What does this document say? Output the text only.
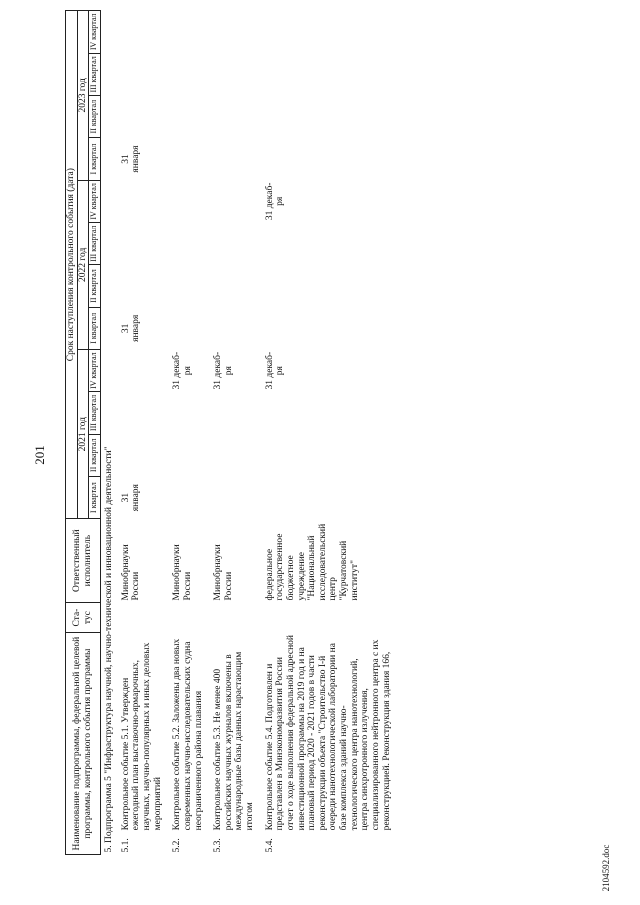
201
2104592.doc
Наименование подпрограммы, федеральной целевой программы, контрольного события программы		Ста-тус	Ответственный исполнитель	Срок наступления контрольного события (дата)											
				2021 год				2022 год				2023 год			
				I квартал	II квартал	III квартал	IV квартал	I квартал	II квартал	III квартал	IV квартал	I квартал	II квартал	III квартал	IV квартал
5. Подпрограмма 5 "Инфраструктура научной, научно-технической и инновационной деятельности"															
5.1.	Контрольное событие 5.1. Утвержден ежегодный план выставочно-ярмарочных, научных, научно-популярных и иных деловых мероприятий		Минобрнауки России	31 января				31 января				31 января			
5.2.	Контрольное событие 5.2. Заложены два новых современных научно-исследовательских судна неограниченного района плавания		Минобрнауки России				31 декаб-ря								
5.3.	Контрольное событие 5.3. Не менее 400 российских научных журналов включены в международные базы данных нарастающим итогом		Минобрнауки России				31 декаб-ря								
5.4.	Контрольное событие 5.4. Подготовлен и представлен в Минэкономразвития России отчет о ходе выполнения федеральной адресной инвестиционной программы на 2019 год и на плановый период 2020 - 2021 годов в части реконструкции объекта "Строительство I-й очереди нанотехнологической лаборатории на базе комплекса зданий научно-технологического центра нанотехнологий, центра синхротронного излучения, специализированного нейтронного центра с их реконструкцией. Реконструкция здания 166,		федеральное государственное бюджетное учреждение "Национальный исследовательский центр "Курчатовский институт"				31 декаб-ря				31 декаб-ря				
